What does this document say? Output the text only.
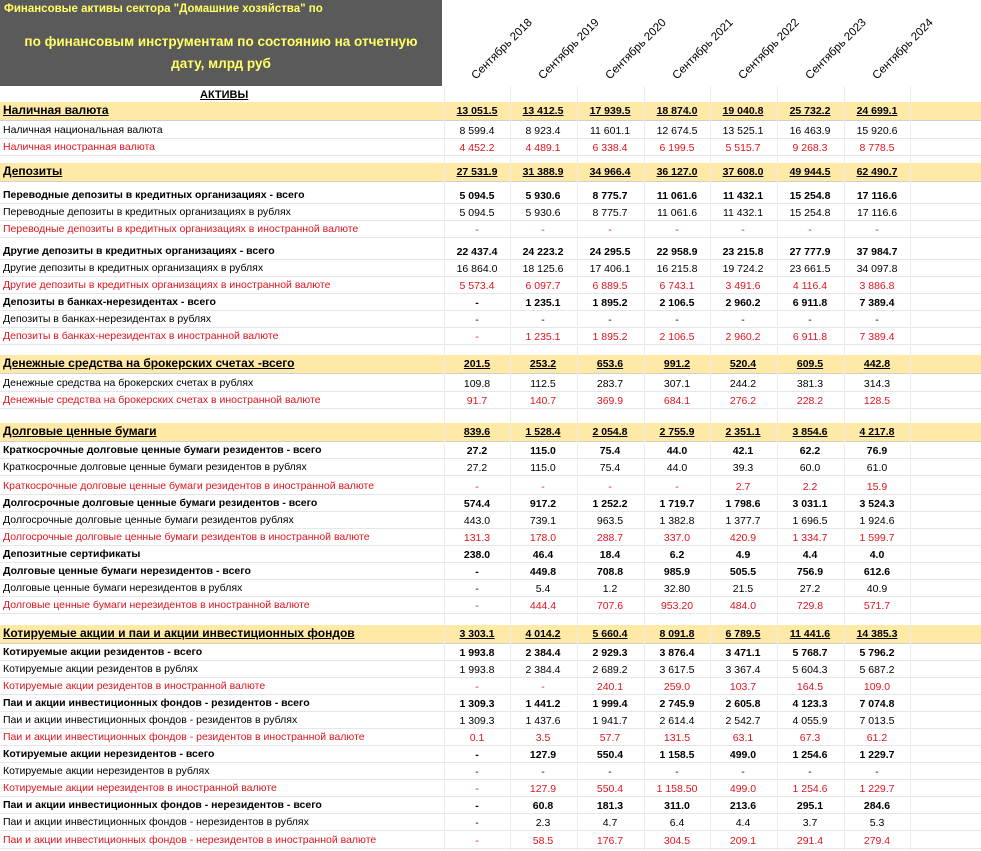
Финансовые активы сектора "Домашние хозяйства" по
по финансовым инструментам по состоянию на отчетную
дату, млрд руб	Сентябрь 2018 Сентябрь 2019 Сентябрь 2020 Сентябрь 2021 Сентябрь 2022 Сентябрь 2023 Сентябрь 2024
АКТИВЫ
Наличная валюта	13 051.5	13 412.5	17 939.5	18 874.0	19 040.8	25 732.2	24 699.1
Наличная национальная валюта	8 599.4	8 923.4	11 601.1	12 674.5	13 525.1	16 463.9	15 920.6
Наличная иностранная валюта	4 452.2	4 489.1	6 338.4	6 199.5	5 515.7	9 268.3	8 778.5
Депозиты	27 531.9	31 388.9	34 966.4	36 127.0	37 608.0	49 944.5	62 490.7
Переводные депозиты в кредитных организациях - всего	5 094.5	5 930.6	8 775.7	11 061.6	11 432.1	15 254.8	17 116.6
Переводные депозиты в кредитных организациях в рублях	5 094.5	5 930.6	8 775.7	11 061.6	11 432.1	15 254.8	17 116.6
Переводные депозиты в кредитных организациях в иностранной валюте	-	-	-	-	-	-	-
Другие депозиты в кредитных организациях - всего	22 437.4	24 223.2	24 295.5	22 958.9	23 215.8	27 777.9	37 984.7
Другие депозиты в кредитных организациях в рублях	16 864.0	18 125.6	17 406.1	16 215.8	19 724.2	23 661.5	34 097.8
Другие депозиты в кредитных организациях в иностранной валюте	5 573.4	6 097.7	6 889.5	6 743.1	3 491.6	4 116.4	3 886.8
Депозиты в банках-нерезидентах - всего	-	1 235.1	1 895.2	2 106.5	2 960.2	6 911.8	7 389.4
Депозиты в банках-нерезидентах в рублях	-	-	-	-	-	-	-
Депозиты в банках-нерезидентах в иностранной валюте	-	1 235.1	1 895.2	2 106.5	2 960.2	6 911.8	7 389.4
Денежные средства на брокерских счетах -всего	201.5	253.2	653.6	991.2	520.4	609.5	442.8
Денежные средства на брокерских счетах в рублях	109.8	112.5	283.7	307.1	244.2	381.3	314.3
Денежные средства на брокерских счетах в иностранной валюте	91.7	140.7	369.9	684.1	276.2	228.2	128.5
Долговые ценные бумаги	839.6	1 528.4	2 054.8	2 755.9	2 351.1	3 854.6	4 217.8
Краткосрочные долговые ценные бумаги резидентов - всего	27.2	115.0	75.4	44.0	42.1	62.2	76.9
Краткосрочные долговые ценные бумаги резидентов в рублях	27.2	115.0	75.4	44.0	39.3	60.0	61.0
Краткосрочные долговые ценные бумаги резидентов в иностранной валюте	-	-	-	-	2.7	2.2	15.9
Долгосрочные долговые ценные бумаги резидентов - всего	574.4	917.2	1 252.2	1 719.7	1 798.6	3 031.1	3 524.3
Долгосрочные долговые ценные бумаги резидентов рублях	443.0	739.1	963.5	1 382.8	1 377.7	1 696.5	1 924.6
Долгосрочные долговые ценные бумаги резидентов в иностранной валюте	131.3	178.0	288.7	337.0	420.9	1 334.7	1 599.7
Депозитные сертификаты	238.0	46.4	18.4	6.2	4.9	4.4	4.0
Долговые ценные бумаги нерезидентов - всего	-	449.8	708.8	985.9	505.5	756.9	612.6
Долговые ценные бумаги нерезидентов в рублях	-	5.4	1.2	32.80	21.5	27.2	40.9
Долговые ценные бумаги нерезидентов в иностранной валюте	-	444.4	707.6	953.20	484.0	729.8	571.7
Котируемые акции и паи и акции инвестиционных фондов	3 303.1	4 014.2	5 660.4	8 091.8	6 789.5	11 441.6	14 385.3
Котируемые акции резидентов - всего	1 993.8	2 384.4	2 929.3	3 876.4	3 471.1	5 768.7	5 796.2
Котируемые акции резидентов в рублях	1 993.8	2 384.4	2 689.2	3 617.5	3 367.4	5 604.3	5 687.2
Котируемые акции резидентов в иностранной валюте	-	-	240.1	259.0	103.7	164.5	109.0
Паи и акции инвестиционных фондов - резидентов - всего	1 309.3	1 441.2	1 999.4	2 745.9	2 605.8	4 123.3	7 074.8
Паи и акции инвестиционных фондов - резидентов в рублях	1 309.3	1 437.6	1 941.7	2 614.4	2 542.7	4 055.9	7 013.5
Паи и акции инвестиционных фондов - резидентов в иностранной валюте	0.1	3.5	57.7	131.5	63.1	67.3	61.2
Котируемые акции нерезидентов - всего	-	127.9	550.4	1 158.5	499.0	1 254.6	1 229.7
Котируемые акции нерезидентов в рублях	-	-	-	-	-	-	-
Котируемые акции нерезидентов в иностранной валюте	-	127.9	550.4	1 158.50	499.0	1 254.6	1 229.7
Паи и акции инвестиционных фондов - нерезидентов - всего	-	60.8	181.3	311.0	213.6	295.1	284.6
Паи и акции инвестиционных фондов - нерезидентов в рублях	-	2.3	4.7	6.4	4.4	3.7	5.3
Паи и акции инвестиционных фондов - нерезидентов в иностранной валюте	-	58.5	176.7	304.5	209.1	291.4	279.4
